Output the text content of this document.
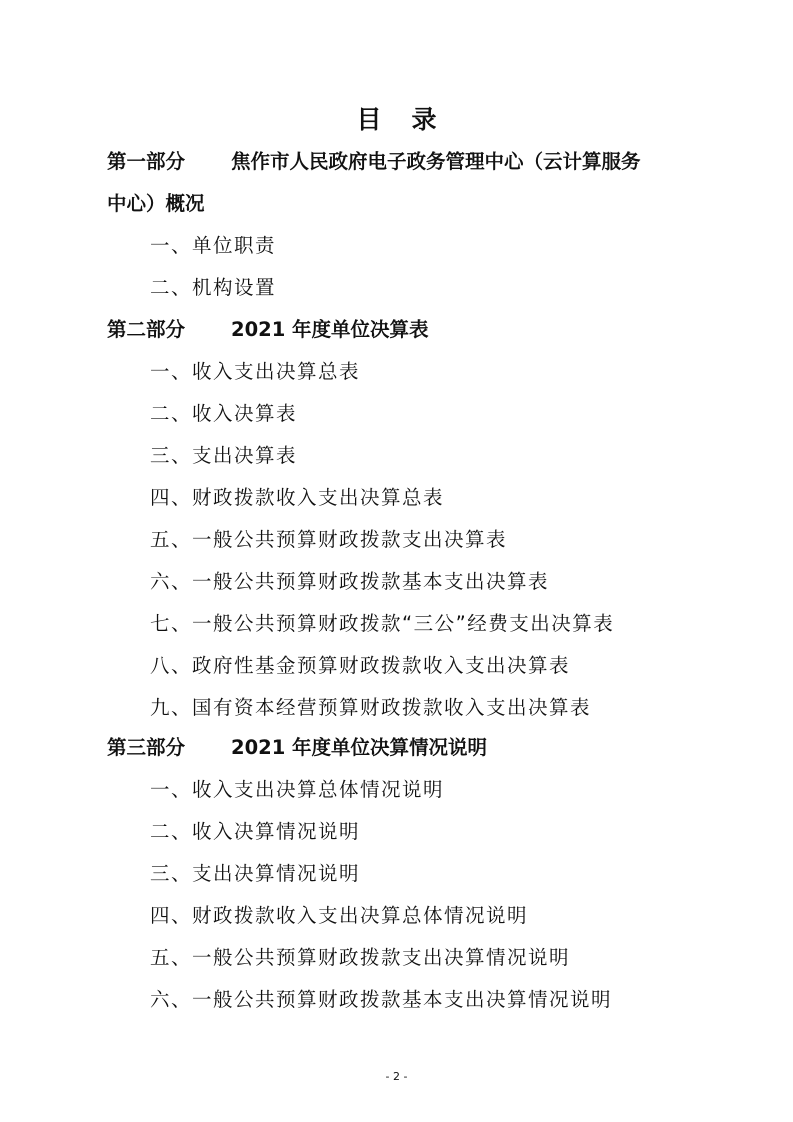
目录
第一部分 焦作市人民政府电子政务管理中心（云计算服务
中心）概况
一、单位职责
二、机构设置
第二部分 2021 年度单位决算表
一、收入支出决算总表
二、收入决算表
三、支出决算表
四、财政拨款收入支出决算总表
五、一般公共预算财政拨款支出决算表
六、一般公共预算财政拨款基本支出决算表
七、一般公共预算财政拨款“三公”经费支出决算表
八、政府性基金预算财政拨款收入支出决算表
九、国有资本经营预算财政拨款收入支出决算表
第三部分 2021 年度单位决算情况说明
一、收入支出决算总体情况说明
二、收入决算情况说明
三、支出决算情况说明
四、财政拨款收入支出决算总体情况说明
五、一般公共预算财政拨款支出决算情况说明
六、一般公共预算财政拨款基本支出决算情况说明
- 2 -
